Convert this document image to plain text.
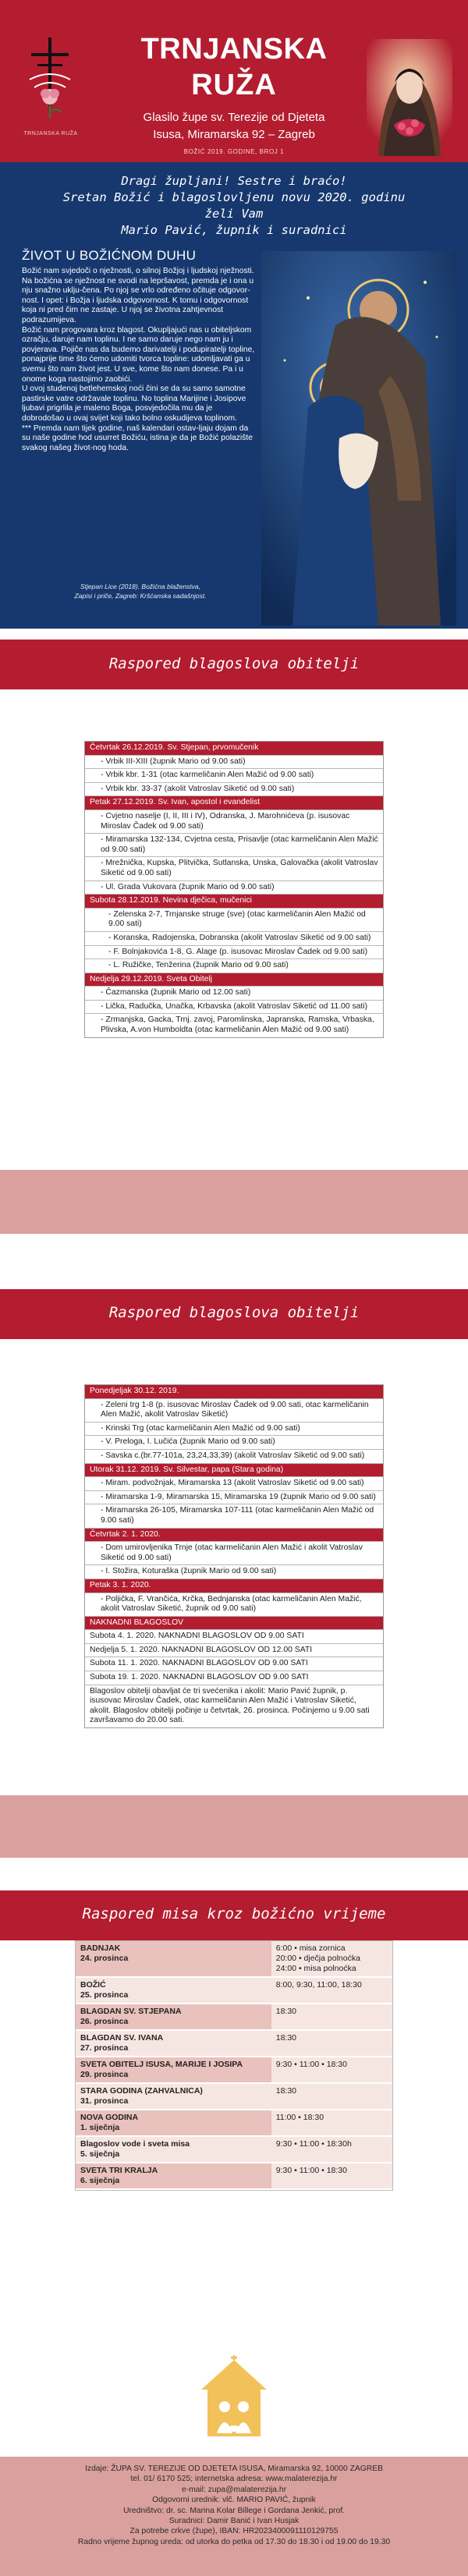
TRNJANSKA RUŽA
TRNJANSKA
RUŽA
Glasilo župe sv. Terezije od Djeteta
Isusa, Miramarska 92 – Zagreb
BOŽIĆ 2019. GODINE, BROJ 1
Dragi župljani! Sestre i braćo!
Sretan Božić i blagoslovljenu novu 2020. godinu
želi Vam
Mario Pavić, župnik i suradnici
ŽIVOT U BOŽIĆNOM DUHU

Božić nam svjedoči o nježnosti, o silnoj Božjoj i ljudskoj nježnosti. Na božićna se nježnost ne svodi na lepršavost, premda je i ona u nju snažno uklju-čena. Po njoj se vrlo određeno očituje odgovor-nost. I opet: i Božja i ljudska odgovornost. K tomu i odgovornost koja ni pred čim ne zastaje. U njoj se životna zahtjevnost podrazumijeva.

Božić nam progovara kroz blagost. Okupljajući nas u obiteljskom ozračju, daruje nam toplinu. I ne samo daruje nego nam ju i povjerava. Pojiče nas da budemo darivatelji i podupiratelji topline, ponajprije time što ćemo udomiti tvorca topline: udomljavati ga u svemu što nam život jest. U sve, kome što nam donese. Pa i u onome koga nastojimo zaobići.

U ovoj studenoj betlehemskoj noći čini se da su samo samotne pastirske vatre održavale toplinu. No toplina Marijine i Josipove ljubavi prigrlila je maleno Boga, posvjedočila mu da je dobrodošao u ovaj svijet koji tako bolno oskudijeva toplinom.

*** Premda nam tijek godine, naš kalendari ostav-ljaju dojam da su naše godine hod usurret Božiću, istina je da je Božić polazište svakog našeg život-nog hoda.

Stjepan Lice (2018). Božićna blaženstva,
Zapisi i priče, Zagreb: Kršćanska sadašnjost.
Raspored blagoslova obitelji
Četvrtak 26.12.2019. Sv. Stjepan, prvomučenik
- Vrbik III-XIII (župnik Mario od 9.00 sati)
- Vrbik kbr. 1-31 (otac karmeličanin Alen Mažić od 9.00 sati)
- Vrbik kbr. 33-37 (akolit Vatroslav Siketić od 9.00 sati)
Petak 27.12.2019. Sv. Ivan, apostol i evanđelist
- Cvjetno naselje (I, II, III i IV), Odranska, J. Marohnićeva (p. isusovac Miroslav Čadek od 9.00 sati)
- Miramarska 132-134, Cvjetna cesta, Prisavlje (otac karmeličanin Alen Mažić od 9.00 sati)
- Mrežnička, Kupska, Plitvička, Sutlanska, Unska, Galovačka (akolit Vatroslav Siketić od 9.00 sati)
- Ul. Grada Vukovara (župnik Mario od 9.00 sati)
Subota 28.12.2019. Nevina dječica, mučenici
- Zelenska 2-7, Trnjanske struge (sve) (otac karmeličanin Alen Mažić od 9.00 sati)
- Koranska, Radojenska, Dobranska (akolit Vatroslav Siketić od 9.00 sati)
- F. Bolnjakovića 1-8, G. Alage (p. isusovac Miroslav Čadek od 9.00 sati)
- L. Ružičke, Tenžerina (župnik Mario od 9.00 sati)
Nedjelja 29.12.2019. Sveta Obitelj
- Čazmanska (župnik Mario od 12.00 sati)
- Lička, Radučka, Unačka, Krbavska (akolit Vatroslav Siketić od 11.00 sati)
- Zrmanjska, Gacka, Trnj. zavoj, Paromlinska, Japranska, Ramska, Vrbaska, Plivska, A.von Humboldta (otac karmeličanin Alen Mažić od 9.00 sati)
Raspored blagoslova obitelji
Ponedjeljak 30.12. 2019.
- Zeleni trg 1-8 (p. isusovac Miroslav Čadek od 9.00 sati, otac karmeličanin Alen Mažić, akolit Vatroslav Siketić)
- Krinski Trg (otac karmeličanin Alen Mažić od 9.00 sati)
- V. Preloga, I. Lučića (župnik Mario od 9.00 sati)
- Savska c.(br.77-101a, 23,24,33,39) (akolit Vatroslav Siketić od 9.00 sati)
Utorak 31.12. 2019. Sv. Silvestar, papa (Stara godina)
- Miram. podvožnjak, Miramarska 13 (akolit Vatroslav Siketić od 9.00 sati)
- Miramarska 1-9, Miramarska 15, Miramarska 19 (župnik Mario od 9.00 sati)
- Miramarska 26-105, Miramarska 107-111 (otac karmeličanin Alen Mažić od 9.00 sati)
Četvrtak 2. 1. 2020.
- Dom umirovljenika Trnje (otac karmeličanin Alen Mažić i akolit Vatroslav Siketić od 9.00 sati)
- I. Stožira, Koturaška (župnik Mario od 9.00 sati)
Petak 3. 1. 2020.
- Poljička, F. Vrančića, Krčka, Bednjanska (otac karmeličanin Alen Mažić, akolit Vatroslav Siketić, župnik od 9.00 sati)
NAKNADNI BLAGOSLOV
Subota 4. 1. 2020. NAKNADNI BLAGOSLOV OD 9.00 SATI
Nedjelja 5. 1. 2020. NAKNADNI BLAGOSLOV OD 12.00 SATI
Subota 11. 1. 2020. NAKNADNI BLAGOSLOV OD 9.00 SATI
Subota 19. 1. 2020. NAKNADNI BLAGOSLOV OD 9.00 SATI
Blagoslov obitelji obavljat će tri svećenika i akolit: Mario Pavić župnik, p. isusovac Miroslav Čadek, otac karmeličanin Alen Mažić i Vatroslav Siketić, akolit. Blagoslov obitelji počinje u četvrtak, 26. prosinca. Počinjemo u 9.00 sati završavamo do 20.00 sati.
Raspored misa kroz božićno vrijeme
BADNJAK
24. prosinca
6:00 • misa zornica
20:00 • dječja polnoćka
24:00 • misa polnoćka
BOŽIĆ
25. prosinca
8:00, 9:30, 11:00, 18:30
BLAGDAN SV. STJEPANA
26. prosinca
18:30
BLAGDAN SV. IVANA
27. prosinca
18:30
SVETA OBITELJ ISUSA, MARIJE I JOSIPA
29. prosinca
9:30 • 11:00 • 18:30
STARA GODINA (ZAHVALNICA)
31. prosinca
18:30
NOVA GODINA
1. siječnja
11:00 • 18:30
Blagoslov vode i sveta misa
5. siječnja
9:30 • 11:00 • 18:30h
SVETA TRI KRALJA
6. siječnja
9:30 • 11:00 • 18:30
Izdaje: ŽUPA SV. TEREZIJE OD DJETETA ISUSA, Miramarska 92, 10000 ZAGREB
tel. 01/ 6170 525; internetska adresa: www.malaterezija.hr
e-mail: zupa@malaterezija.hr
Odgovorni urednik: vlč. MARIO PAVIĆ, župnik
Uredništvo: dr. sc. Marina Kolar Billege i Gordana Jenkić, prof.
Suradnici: Damir Banić i Ivan Husjak
Za potrebe crkve (župe), IBAN: HR2023400091110129755
Radno vrijeme župnog ureda: od utorka do petka od 17.30 do 18.30 i od 19.00 do 19.30
